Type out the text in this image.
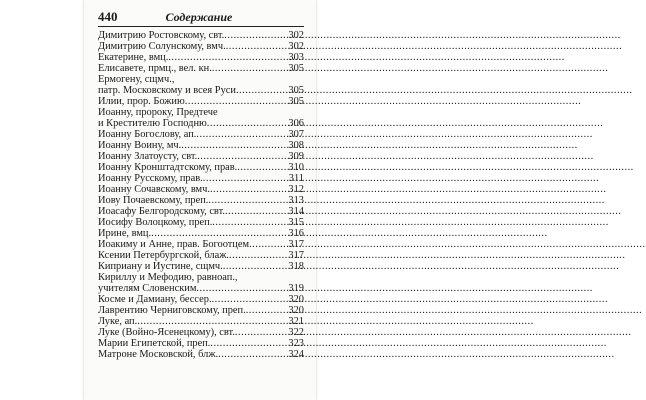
440	Содержание
Димитрию Ростовскому, свт. .....	302
Димитрию Солунскому, вмч. .....	302
Екатерине, вмц. .....	303
Елисавете, прмц., вел. кн. .....	305
Ермогену, сщмч.,
патр. Московскому и всея Руси .....	305
Илии, прор. Божию .....	305
Иоанну, пророку, Предтече
и Крестителю Господню .....	306
Иоанну Богослову, ап. .....	307
Иоанну Воину, мч. .....	308
Иоанну Златоусту, свт. .....	309
Иоанну Кронштадтскому, прав. .....	310
Иоанну Русскому, прав. .....	311
Иоанну Сочавскому, вмч. .....	312
Иову Почаевскому, преп. .....	313
Иоасафу Белгородскому, свт. .....	314
Иосифу Волоцкому, преп. .....	315
Ирине, вмц. .....	316
Иоакиму и Анне, прав. Богоотцем .....	317
Ксении Петербургской, блаж. .....	317
Киприану и Иустине, сщмч. .....	318
Кириллу и Мефодию, равноап.,
учителям Словенским .....	319
Косме и Дамиану, бессер. .....	320
Лаврентию Черниговскому, преп. .....	320
Луке, ап. .....	321
Луке (Войно-Ясенецкому), свт. .....	322
Марии Египетской, преп. .....	323
Матроне Московской, блж. .....	324
